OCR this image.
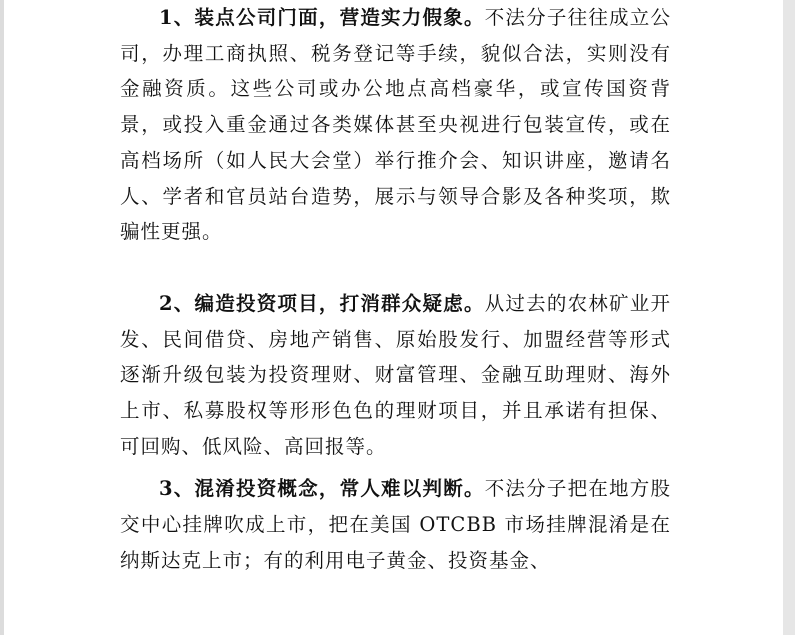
1、装点公司门面，营造实力假象。不法分子往往成立公司，办理工商执照、税务登记等手续，貌似合法，实则没有金融资质。这些公司或办公地点高档豪华，或宣传国资背景，或投入重金通过各类媒体甚至央视进行包装宣传，或在高档场所（如人民大会堂）举行推介会、知识讲座，邀请名人、学者和官员站台造势，展示与领导合影及各种奖项，欺骗性更强。

2、编造投资项目，打消群众疑虑。从过去的农林矿业开发、民间借贷、房地产销售、原始股发行、加盟经营等形式逐渐升级包装为投资理财、财富管理、金融互助理财、海外上市、私募股权等形形色色的理财项目，并且承诺有担保、可回购、低风险、高回报等。

3、混淆投资概念，常人难以判断。不法分子把在地方股交中心挂牌吹成上市，把在美国 OTCBB 市场挂牌混淆是在纳斯达克上市；有的利用电子黄金、投资基金、
